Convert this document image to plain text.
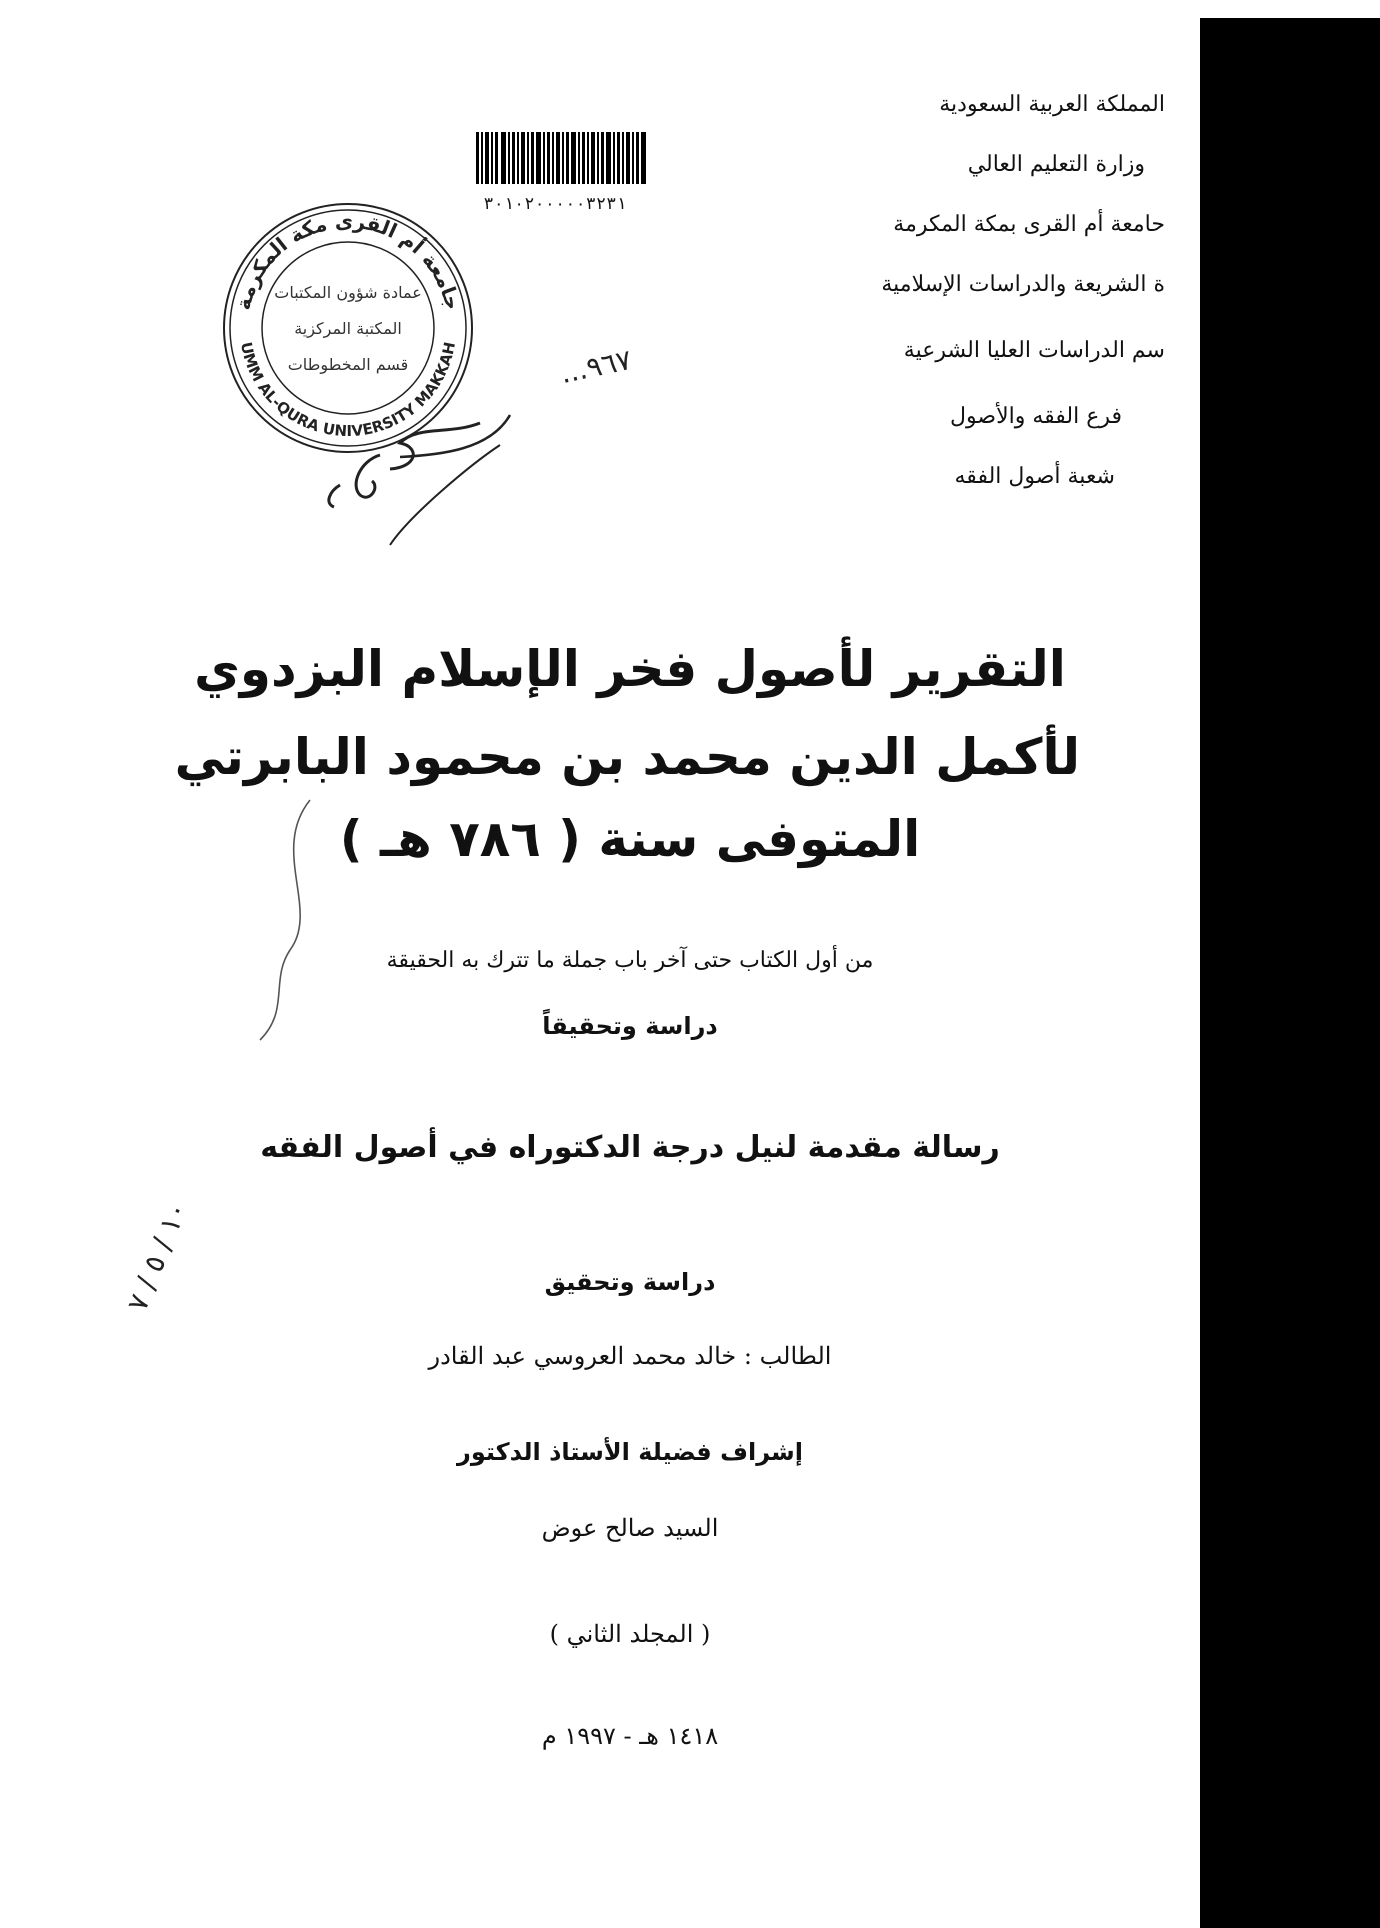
المملكة العربية السعودية
وزارة التعليم العالي
حامعة أم القرى بمكة المكرمة
ة الشريعة والدراسات الإسلامية
سم الدراسات العليا الشرعية
فرع الفقه والأصول
شعبة أصول الفقه
٣٠١٠٢٠٠٠٠٠٣٢٣١
جامعة أم القرى مكة المكرمة
UMM AL-QURA UNIVERSITY MAKKAH
عمادة شؤون المكتبات
المكتبة المركزية
قسم المخطوطات	٩٦٧...
١٠ / ٥ / ٧
التقرير لأصول فخر الإسلام البزدوي
لأكمل الدين محمد بن محمود البابرتي
المتوفى سنة ( ٧٨٦ هـ )
من أول الكتاب حتى آخر باب جملة ما تترك به الحقيقة
دراسة وتحقيقاً
رسالة مقدمة لنيل درجة الدكتوراه في أصول الفقه
دراسة وتحقيق
الطالب : خالد محمد العروسي عبد القادر
إشراف فضيلة الأستاذ الدكتور
السيد صالح عوض
( المجلد الثاني )
١٤١٨ هـ - ١٩٩٧ م
